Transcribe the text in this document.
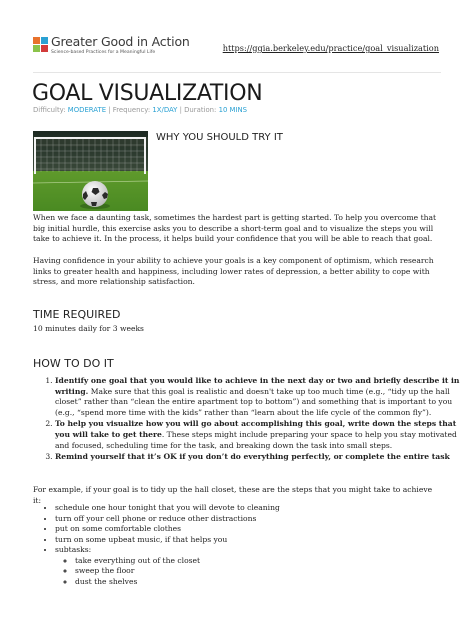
Greater Good in Action
Science-based Practices for a Meaningful Life	https://ggia.berkeley.edu/practice/goal_visualization
GOAL VISUALIZATION
Difficulty: MODERATE | Frequency: 1X/DAY | Duration: 10 MINS
WHY YOU SHOULD TRY IT

When we face a daunting task, sometimes the hardest part is getting started. To help you overcome that big initial hurdle, this exercise asks you to describe a short-term goal and to visualize the steps you will take to achieve it. In the process, it helps build your confidence that you will be able to reach that goal.

Having confidence in your ability to achieve your goals is a key component of optimism, which research links to greater health and happiness, including lower rates of depression, a better ability to cope with stress, and more relationship satisfaction.

TIME REQUIRED

10 minutes daily for 3 weeks

HOW TO DO IT
1. Identify one goal that you would like to achieve in the next day or two and briefly describe it in writing. Make sure that this goal is realistic and doesn't take up too much time (e.g., “tidy up the hall closet” rather than “clean the entire apartment top to bottom”) and something that is important to you (e.g., “spend more time with the kids” rather than “learn about the life cycle of the common fly”).
2. To help you visualize how you will go about accomplishing this goal, write down the steps that you will take to get there. These steps might include preparing your space to help you stay motivated and focused, scheduling time for the task, and breaking down the task into small steps.
3. Remind yourself that it’s OK if you don’t do everything perfectly, or complete the entire task

For example, if your goal is to tidy up the hall closet, these are the steps that you might take to achieve it:

• schedule one hour tonight that you will devote to cleaning
• turn off your cell phone or reduce other distractions
• put on some comfortable clothes
• turn on some upbeat music, if that helps you
• subtasks:
◦ take everything out of the closet
◦ sweep the floor
◦ dust the shelves
